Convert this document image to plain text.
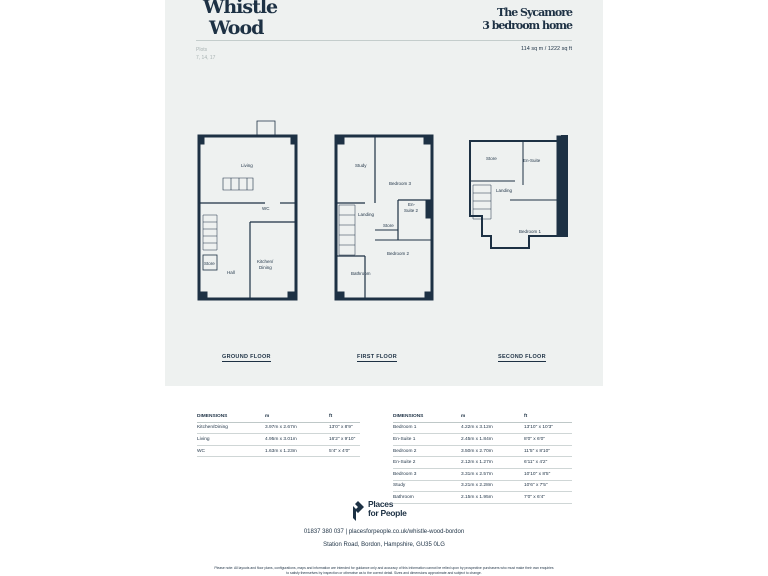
Whistle
Wood
The Sycamore
3 bedroom home
Plots
7, 14, 17
114 sq m / 1222 sq ft
Living
WC
Store
Hall
Kitchen/
Dining
Study
Bedroom 3
Landing
En-
Suite 2
Store
Bedroom 2
Bathroom
Store	En-Suite
Landing
Bedroom 1
GROUND FLOOR	FIRST FLOOR	SECOND FLOOR
DIMENSIONS	m	ft
Kitchen/Dining	3.97m x 2.67m	13'0" x 8'9"
Living	4.95m x 3.01m	16'2" x 9'10"
WC	1.63m x 1.23m	5'4" x 4'0"
DIMENSIONS	m	ft
Bedroom 1	4.22m x 3.12m	13'10" x 10'3"
En-Suite 1	2.45m x 1.84m	8'0" x 6'0"
Bedroom 2	3.50m x 2.70m	11'5" x 8'10"
En-Suite 2	2.12m x 1.27m	6'11" x 4'2"
Bedroom 3	3.31m x 2.57m	10'10" x 8'5"
Study	3.21m x 2.28m	10'6" x 7'5"
Bathroom	2.15m x 1.95m	7'0" x 6'4"
Places
for People
01837 380 037 | placesforpeople.co.uk/whistle-wood-bordon
Station Road, Bordon, Hampshire, GU35 0LG
Please note: All layouts and floor plans, configurations, maps and information are intended for guidance only and accuracy of this information cannot be relied upon by prospective purchasers who must make their own enquiries to satisfy themselves by inspection or otherwise as to the correct detail. Sizes and dimensions approximate and subject to change.
